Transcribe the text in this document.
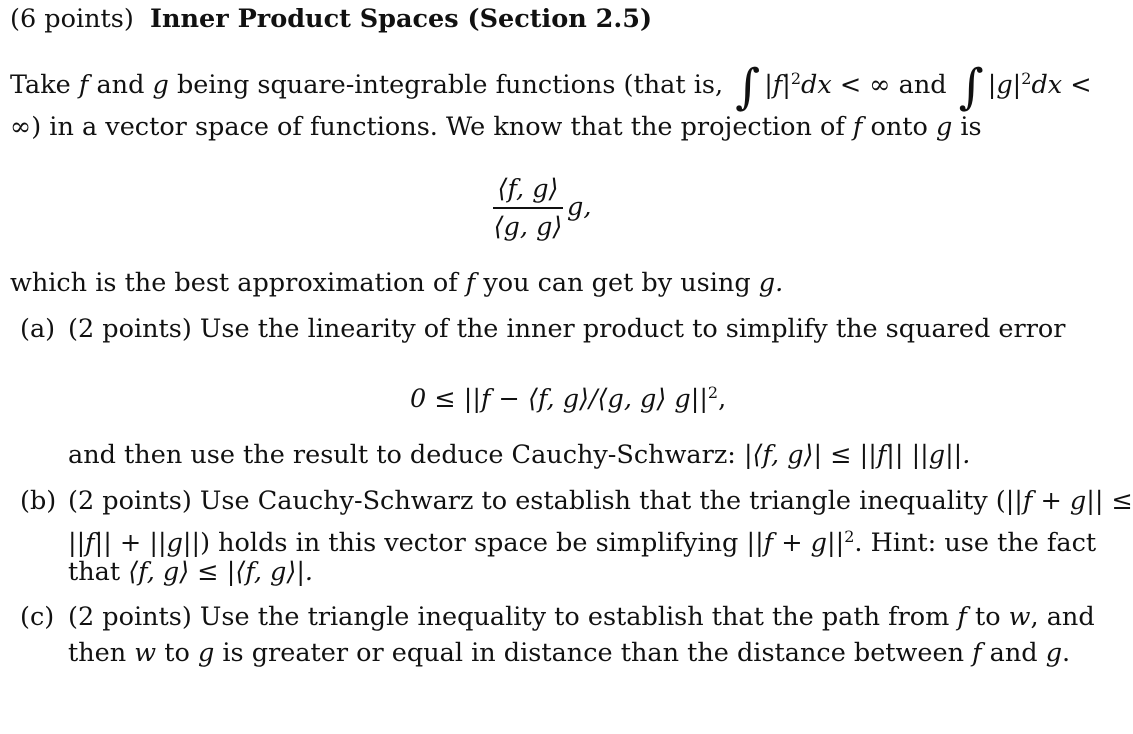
(6 points) Inner Product Spaces (Section 2.5)
Take f and g being square-integrable functions (that is, ∫ $|f|^2dx$ < ∞ and ∫ $|g|^2dx$ <
∞) in a vector space of functions. We know that the projection of f onto g is
⟨f, g⟩
⟨g, g⟩
g,
which is the best approximation of f you can get by using g.
(a) (2 points) Use the linearity of the inner product to simplify the squared error
0 ≤ ||f − ⟨f, g⟩/⟨g, g⟩ $g||^2$,
and then use the result to deduce Cauchy-Schwarz: |⟨f, g⟩| ≤ ||f|| ||g||.
(b) (2 points) Use Cauchy-Schwarz to establish that the triangle inequality (||f + g|| ≤
||f|| + ||g||) holds in this vector space be simplifying $||f + g||^2$. Hint: use the fact
that ⟨f, g⟩ ≤ |⟨f, g⟩|.
(c) (2 points) Use the triangle inequality to establish that the path from f to w, and
then w to g is greater or equal in distance than the distance between f and g.
